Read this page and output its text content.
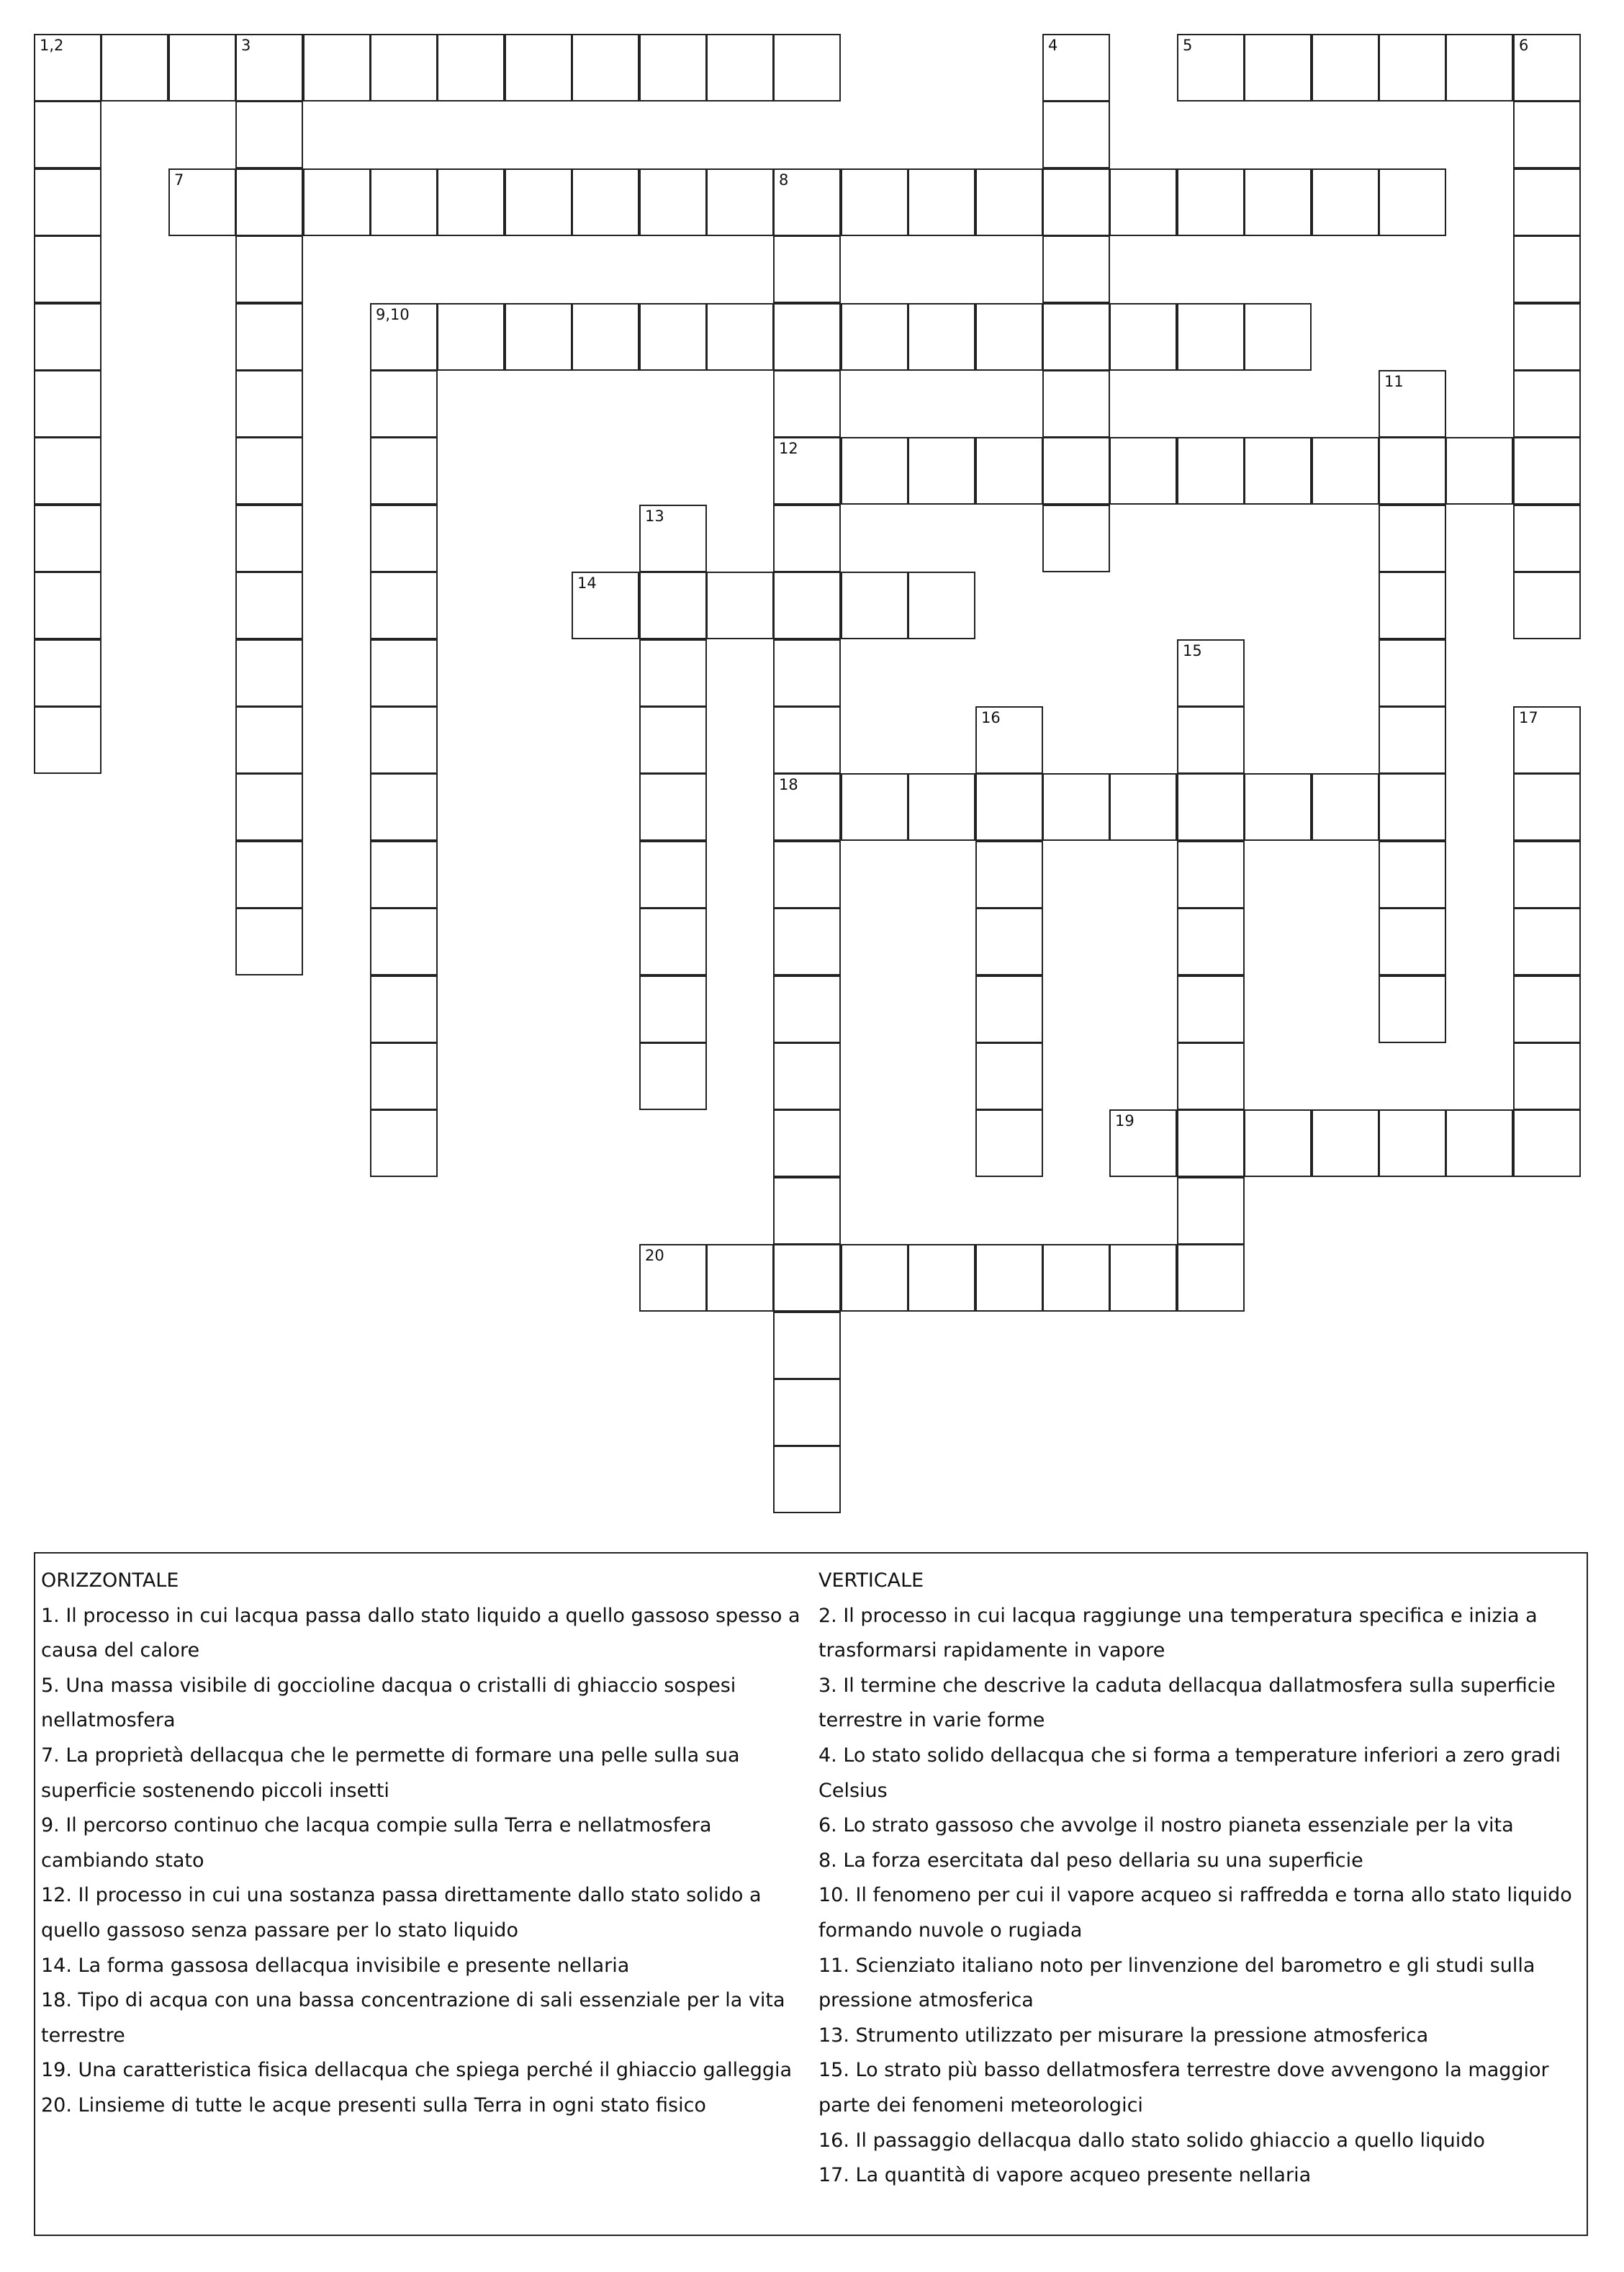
1,2	3	4	5	6
7	8
9,10
11
12
13
14
15
16	17
18
19
20
ORIZZONTALE
1. Il processo in cui lacqua passa dallo stato liquido a quello gassoso spesso a causa del calore
5. Una massa visibile di goccioline dacqua o cristalli di ghiaccio sospesi nellatmosfera
7. La proprietà dellacqua che le permette di formare una pelle sulla sua superficie sostenendo piccoli insetti
9. Il percorso continuo che lacqua compie sulla Terra e nellatmosfera cambiando stato
12. Il processo in cui una sostanza passa direttamente dallo stato solido a quello gassoso senza passare per lo stato liquido
14. La forma gassosa dellacqua invisibile e presente nellaria
18. Tipo di acqua con una bassa concentrazione di sali essenziale per la vita terrestre
19. Una caratteristica fisica dellacqua che spiega perché il ghiaccio galleggia
20. Linsieme di tutte le acque presenti sulla Terra in ogni stato fisico
VERTICALE
2. Il processo in cui lacqua raggiunge una temperatura specifica e inizia a trasformarsi rapidamente in vapore
3. Il termine che descrive la caduta dellacqua dallatmosfera sulla superficie terrestre in varie forme
4. Lo stato solido dellacqua che si forma a temperature inferiori a zero gradi Celsius
6. Lo strato gassoso che avvolge il nostro pianeta essenziale per la vita
8. La forza esercitata dal peso dellaria su una superficie
10. Il fenomeno per cui il vapore acqueo si raffredda e torna allo stato liquido formando nuvole o rugiada
11. Scienziato italiano noto per linvenzione del barometro e gli studi sulla pressione atmosferica
13. Strumento utilizzato per misurare la pressione atmosferica
15. Lo strato più basso dellatmosfera terrestre dove avvengono la maggior parte dei fenomeni meteorologici
16. Il passaggio dellacqua dallo stato solido ghiaccio a quello liquido
17. La quantità di vapore acqueo presente nellaria
